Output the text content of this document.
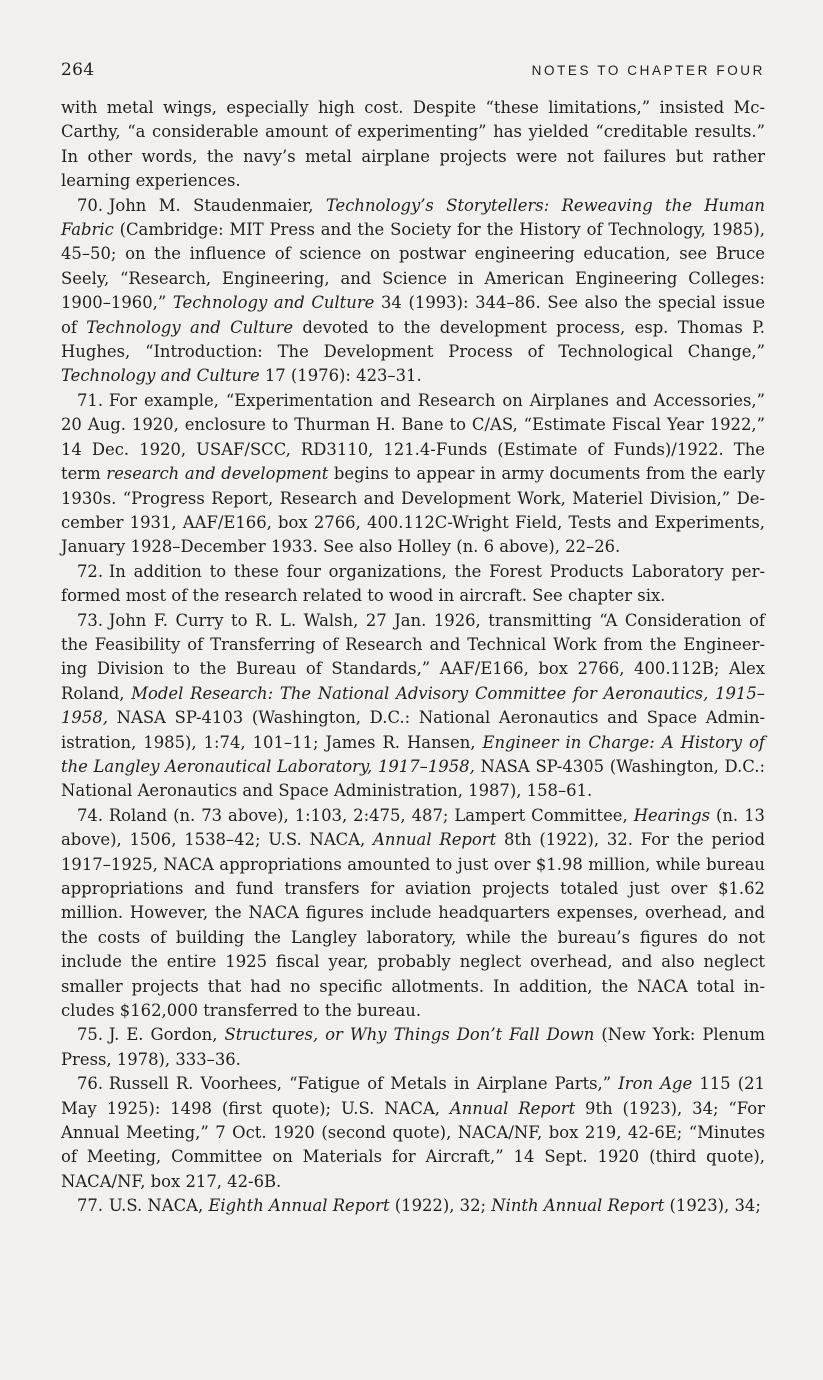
264	NOTES TO CHAPTER FOUR

with metal wings, especially high cost. Despite “these limitations,” insisted McCarthy, “a considerable amount of experimenting” has yielded “creditable results.” In other words, the navy’s metal airplane projects were not failures but rather learning experiences.

70. John M. Staudenmaier, Technology’s Storytellers: Reweaving the Human Fabric (Cambridge: MIT Press and the Society for the History of Technology, 1985), 45–50; on the influence of science on postwar engineering education, see Bruce Seely, “Research, Engineering, and Science in American Engineering Colleges: 1900–1960,” Technology and Culture 34 (1993): 344–86. See also the special issue of Technology and Culture devoted to the development process, esp. Thomas P. Hughes, “Introduction: The Development Process of Technological Change,” Technology and Culture 17 (1976): 423–31.

71. For example, “Experimentation and Research on Airplanes and Accessories,” 20 Aug. 1920, enclosure to Thurman H. Bane to C/AS, “Estimate Fiscal Year 1922,” 14 Dec. 1920, USAF/SCC, RD3110, 121.4-Funds (Estimate of Funds)/1922. The term research and development begins to appear in army documents from the early 1930s. “Progress Report, Research and Development Work, Materiel Division,” December 1931, AAF/E166, box 2766, 400.112C-Wright Field, Tests and Experiments, January 1928–December 1933. See also Holley (n. 6 above), 22–26.

72. In addition to these four organizations, the Forest Products Laboratory performed most of the research related to wood in aircraft. See chapter six.

73. John F. Curry to R. L. Walsh, 27 Jan. 1926, transmitting “A Consideration of the Feasibility of Transferring of Research and Technical Work from the Engineering Division to the Bureau of Standards,” AAF/E166, box 2766, 400.112B; Alex Roland, Model Research: The National Advisory Committee for Aeronautics, 1915–1958, NASA SP-4103 (Washington, D.C.: National Aeronautics and Space Administration, 1985), 1:74, 101–11; James R. Hansen, Engineer in Charge: A History of the Langley Aeronautical Laboratory, 1917–1958, NASA SP-4305 (Washington, D.C.: National Aeronautics and Space Administration, 1987), 158–61.

74. Roland (n. 73 above), 1:103, 2:475, 487; Lampert Committee, Hearings (n. 13 above), 1506, 1538–42; U.S. NACA, Annual Report 8th (1922), 32. For the period 1917–1925, NACA appropriations amounted to just over $1.98 million, while bureau appropriations and fund transfers for aviation projects totaled just over $1.62 million. However, the NACA figures include headquarters expenses, overhead, and the costs of building the Langley laboratory, while the bureau’s figures do not include the entire 1925 fiscal year, probably neglect overhead, and also neglect smaller projects that had no specific allotments. In addition, the NACA total includes $162,000 transferred to the bureau.

75. J. E. Gordon, Structures, or Why Things Don’t Fall Down (New York: Plenum Press, 1978), 333–36.

76. Russell R. Voorhees, “Fatigue of Metals in Airplane Parts,” Iron Age 115 (21 May 1925): 1498 (first quote); U.S. NACA, Annual Report 9th (1923), 34; “For Annual Meeting,” 7 Oct. 1920 (second quote), NACA/NF, box 219, 42-6E; “Minutes of Meeting, Committee on Materials for Aircraft,” 14 Sept. 1920 (third quote), NACA/NF, box 217, 42-6B.

77. U.S. NACA, Eighth Annual Report (1922), 32; Ninth Annual Report (1923), 34;
